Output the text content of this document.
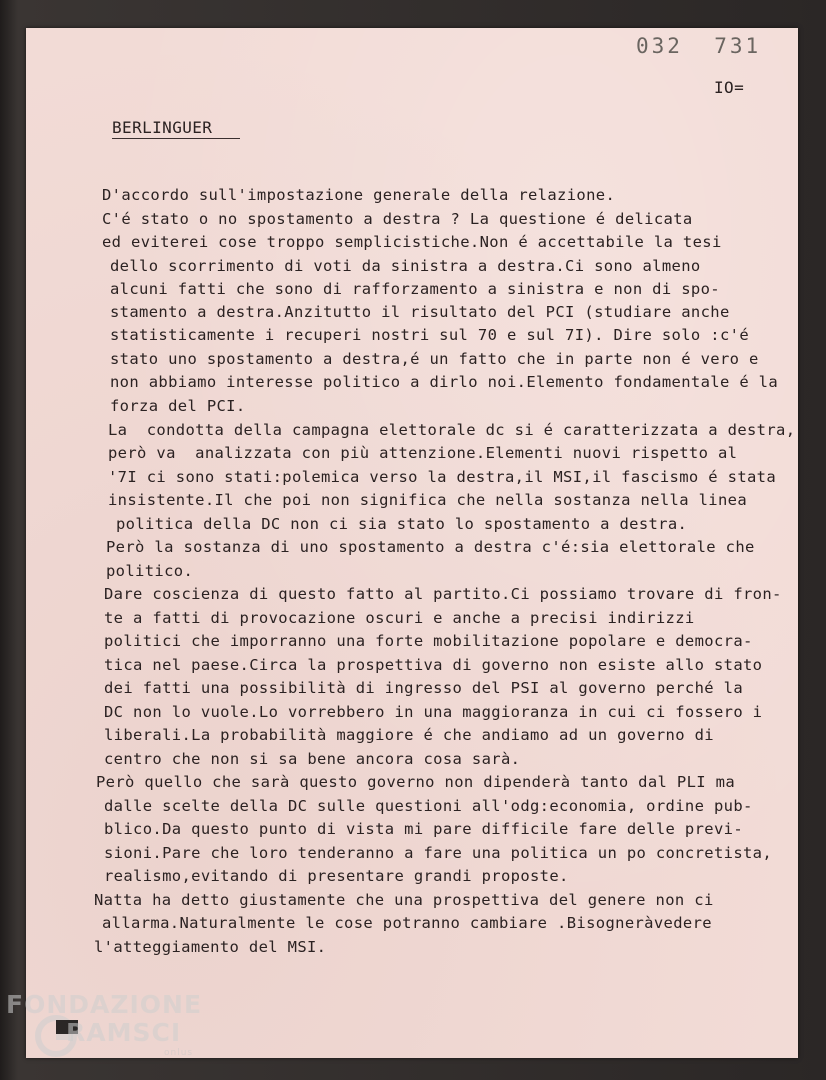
032  731
IO=
BERLINGUER
D'accordo sull'impostazione generale della relazione.
C'é stato o no spostamento a destra ? La questione é delicata
ed eviterei cose troppo semplicistiche.Non é accettabile la tesi
dello scorrimento di voti da sinistra a destra.Ci sono almeno
alcuni fatti che sono di rafforzamento a sinistra e non di spo-
stamento a destra.Anzitutto il risultato del PCI (studiare anche
statisticamente i recuperi nostri sul 70 e sul 7I). Dire solo :c'é
stato uno spostamento a destra,é un fatto che in parte non é vero e
non abbiamo interesse politico a dirlo noi.Elemento fondamentale é la
forza del PCI.
La  condotta della campagna elettorale dc si é caratterizzata a destra,
però va  analizzata con più attenzione.Elementi nuovi rispetto al
'7I ci sono stati:polemica verso la destra,il MSI,il fascismo é stata
insistente.Il che poi non significa che nella sostanza nella linea
politica della DC non ci sia stato lo spostamento a destra.
Però la sostanza di uno spostamento a destra c'é:sia elettorale che
politico.
Dare coscienza di questo fatto al partito.Ci possiamo trovare di fron-
te a fatti di provocazione oscuri e anche a precisi indirizzi
politici che imporranno una forte mobilitazione popolare e democra-
tica nel paese.Circa la prospettiva di governo non esiste allo stato
dei fatti una possibilità di ingresso del PSI al governo perché la
DC non lo vuole.Lo vorrebbero in una maggioranza in cui ci fossero i
liberali.La probabilità maggiore é che andiamo ad un governo di
centro che non si sa bene ancora cosa sarà.
Però quello che sarà questo governo non dipenderà tanto dal PLI ma
dalle scelte della DC sulle questioni all'odg:economia, ordine pub-
blico.Da questo punto di vista mi pare difficile fare delle previ-
sioni.Pare che loro tenderanno a fare una politica un po concretista,
realismo,evitando di presentare grandi proposte.
Natta ha detto giustamente che una prospettiva del genere non ci
allarma.Naturalmente le cose potranno cambiare .Bisogneràvedere
l'atteggiamento del MSI.
FONDAZIONE
RAMSCI
onlus
